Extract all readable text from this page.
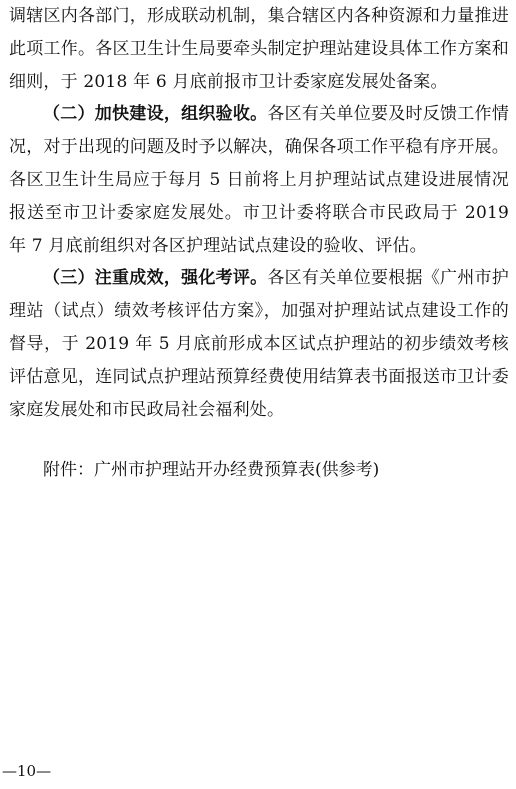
调辖区内各部门，形成联动机制，集合辖区内各种资源和力量推进此项工作。各区卫生计生局要牵头制定护理站建设具体工作方案和细则，于 2018 年 6 月底前报市卫计委家庭发展处备案。

（二）加快建设，组织验收。各区有关单位要及时反馈工作情况，对于出现的问题及时予以解决，确保各项工作平稳有序开展。各区卫生计生局应于每月 5 日前将上月护理站试点建设进展情况报送至市卫计委家庭发展处。市卫计委将联合市民政局于 2019 年 7 月底前组织对各区护理站试点建设的验收、评估。

（三）注重成效，强化考评。各区有关单位要根据《广州市护理站（试点）绩效考核评估方案》，加强对护理站试点建设工作的督导，于 2019 年 5 月底前形成本区试点护理站的初步绩效考核评估意见，连同试点护理站预算经费使用结算表书面报送市卫计委家庭发展处和市民政局社会福利处。

附件：广州市护理站开办经费预算表(供参考)
—10—
